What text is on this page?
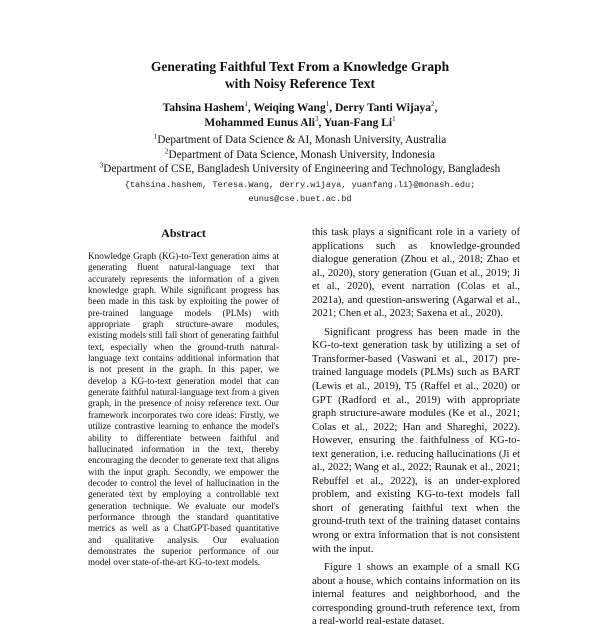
Generating Faithful Text From a Knowledge Graph
with Noisy Reference Text
Tahsina Hashem$^1$, Weiqing Wang$^1$, Derry Tanti Wijaya$^2$,
Mohammed Eunus Ali$^3$, Yuan-Fang Li$^1$
$^1$Department of Data Science & AI, Monash University, Australia
$^2$Department of Data Science, Monash University, Indonesia
$^3$Department of CSE, Bangladesh University of Engineering and Technology, Bangladesh
{tahsina.hashem, Teresa.Wang, derry.wijaya, yuanfang.li}@monash.edu;
eunus@cse.buet.ac.bd
Abstract
Knowledge Graph (KG)-to-Text generation aims at generating fluent natural-language text that accurately represents the information of a given knowledge graph. While significant progress has been made in this task by exploiting the power of pre-trained language models (PLMs) with appropriate graph structure-aware modules, existing models still fall short of generating faithful text, especially when the ground-truth natural-language text contains additional information that is not present in the graph. In this paper, we develop a KG-to-text generation model that can generate faithful natural-language text from a given graph, in the presence of noisy reference text. Our framework incorporates two core ideas: Firstly, we utilize contrastive learning to enhance the model's ability to differentiate between faithful and hallucinated information in the text, thereby encouraging the decoder to generate text that aligns with the input graph. Secondly, we empower the decoder to control the level of hallucination in the generated text by employing a controllable text generation technique. We evaluate our model's performance through the standard quantitative metrics as well as a ChatGPT-based quantitative and qualitative analysis. Our evaluation demonstrates the superior performance of our model over state-of-the-art KG-to-text models.

this task plays a significant role in a variety of applications such as knowledge-grounded dialogue generation (Zhou et al., 2018; Zhao et al., 2020), story generation (Guan et al., 2019; Ji et al., 2020), event narration (Colas et al., 2021a), and question-answering (Agarwal et al., 2021; Chen et al., 2023; Saxena et al., 2020).

Significant progress has been made in the KG-to-text generation task by utilizing a set of Transformer-based (Vaswani et al., 2017) pre-trained language models (PLMs) such as BART (Lewis et al., 2019), T5 (Raffel et al., 2020) or GPT (Radford et al., 2019) with appropriate graph structure-aware modules (Ke et al., 2021; Colas et al., 2022; Han and Shareghi, 2022). However, ensuring the faithfulness of KG-to-text generation, i.e. reducing hallucinations (Ji et al., 2022; Wang et al., 2022; Raunak et al., 2021; Rebuffel et al., 2022), is an under-explored problem, and existing KG-to-text models fall short of generating faithful text when the ground-truth text of the training dataset contains wrong or extra information that is not consistent with the input.

Figure 1 shows an example of a small KG about a house, which contains information on its internal features and neighborhood, and the corresponding ground-truth reference text, from a real-world real-estate dataset.
